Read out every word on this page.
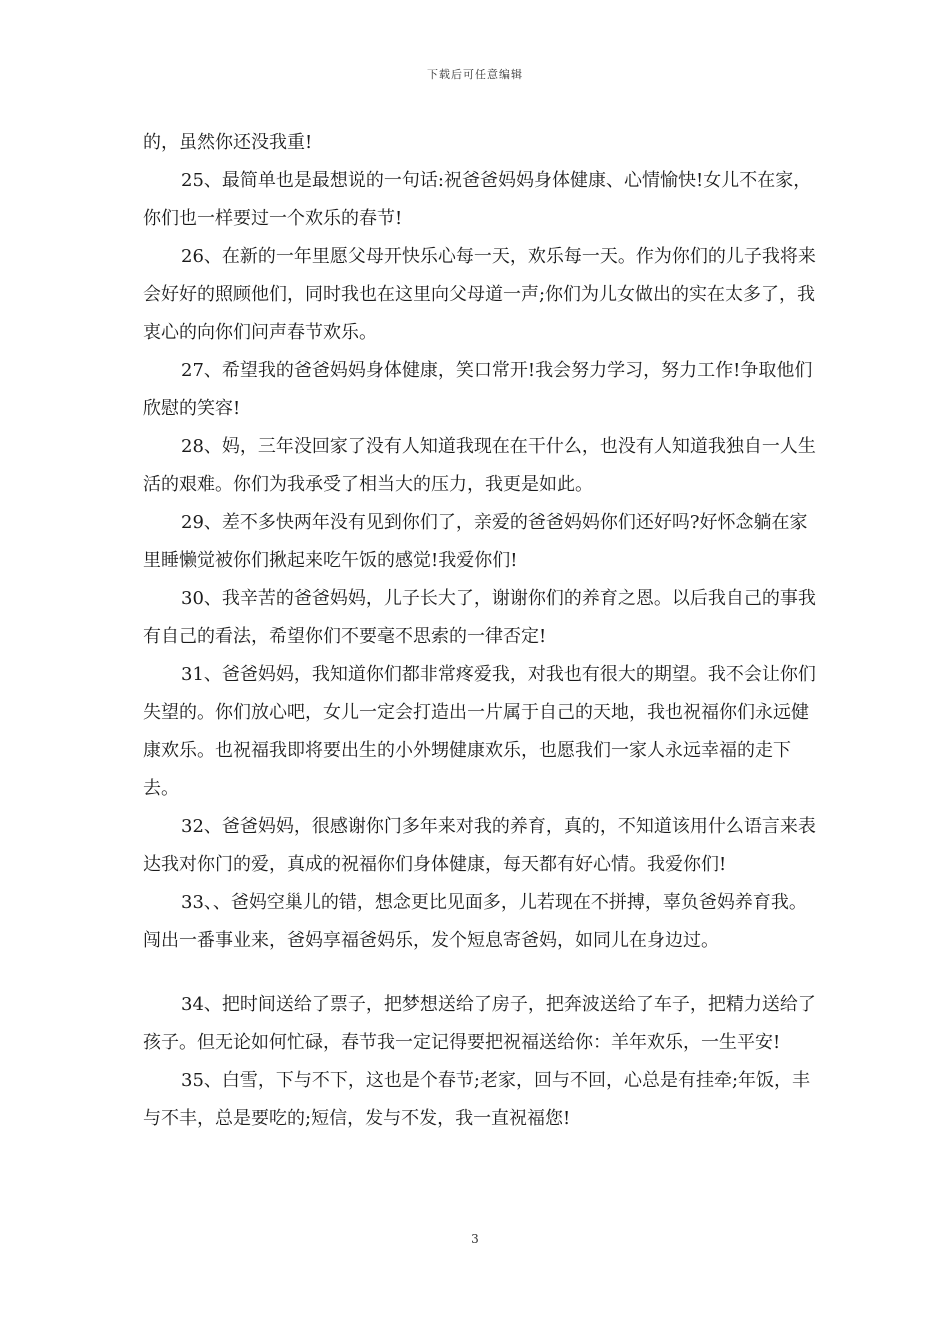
下载后可任意编辑

的，虽然你还没我重!

25、最简单也是最想说的一句话:祝爸爸妈妈身体健康、心情愉快!女儿不在家，你们也一样要过一个欢乐的春节!

26、在新的一年里愿父母开快乐心每一天，欢乐每一天。作为你们的儿子我将来会好好的照顾他们，同时我也在这里向父母道一声;你们为儿女做出的实在太多了，我衷心的向你们问声春节欢乐。

27、希望我的爸爸妈妈身体健康，笑口常开!我会努力学习，努力工作!争取他们欣慰的笑容!

28、妈，三年没回家了没有人知道我现在在干什么，也没有人知道我独自一人生活的艰难。你们为我承受了相当大的压力，我更是如此。

29、差不多快两年没有见到你们了，亲爱的爸爸妈妈你们还好吗?好怀念躺在家里睡懒觉被你们揪起来吃午饭的感觉!我爱你们!

30、我辛苦的爸爸妈妈，儿子长大了，谢谢你们的养育之恩。以后我自己的事我有自己的看法，希望你们不要毫不思索的一律否定!

31、爸爸妈妈，我知道你们都非常疼爱我，对我也有很大的期望。我不会让你们失望的。你们放心吧，女儿一定会打造出一片属于自己的天地，我也祝福你们永远健康欢乐。也祝福我即将要出生的小外甥健康欢乐，也愿我们一家人永远幸福的走下去。

32、爸爸妈妈，很感谢你门多年来对我的养育，真的，不知道该用什么语言来表达我对你门的爱，真成的祝福你们身体健康，每天都有好心情。我爱你们!

33、、爸妈空巢儿的错，想念更比见面多，儿若现在不拼搏，辜负爸妈养育我。闯出一番事业来，爸妈享福爸妈乐，发个短息寄爸妈，如同儿在身边过。

34、把时间送给了票子，把梦想送给了房子，把奔波送给了车子，把精力送给了孩子。但无论如何忙碌，春节我一定记得要把祝福送给你：羊年欢乐，一生平安!

35、白雪，下与不下，这也是个春节;老家，回与不回，心总是有挂牵;年饭，丰与不丰，总是要吃的;短信，发与不发，我一直祝福您!

3
